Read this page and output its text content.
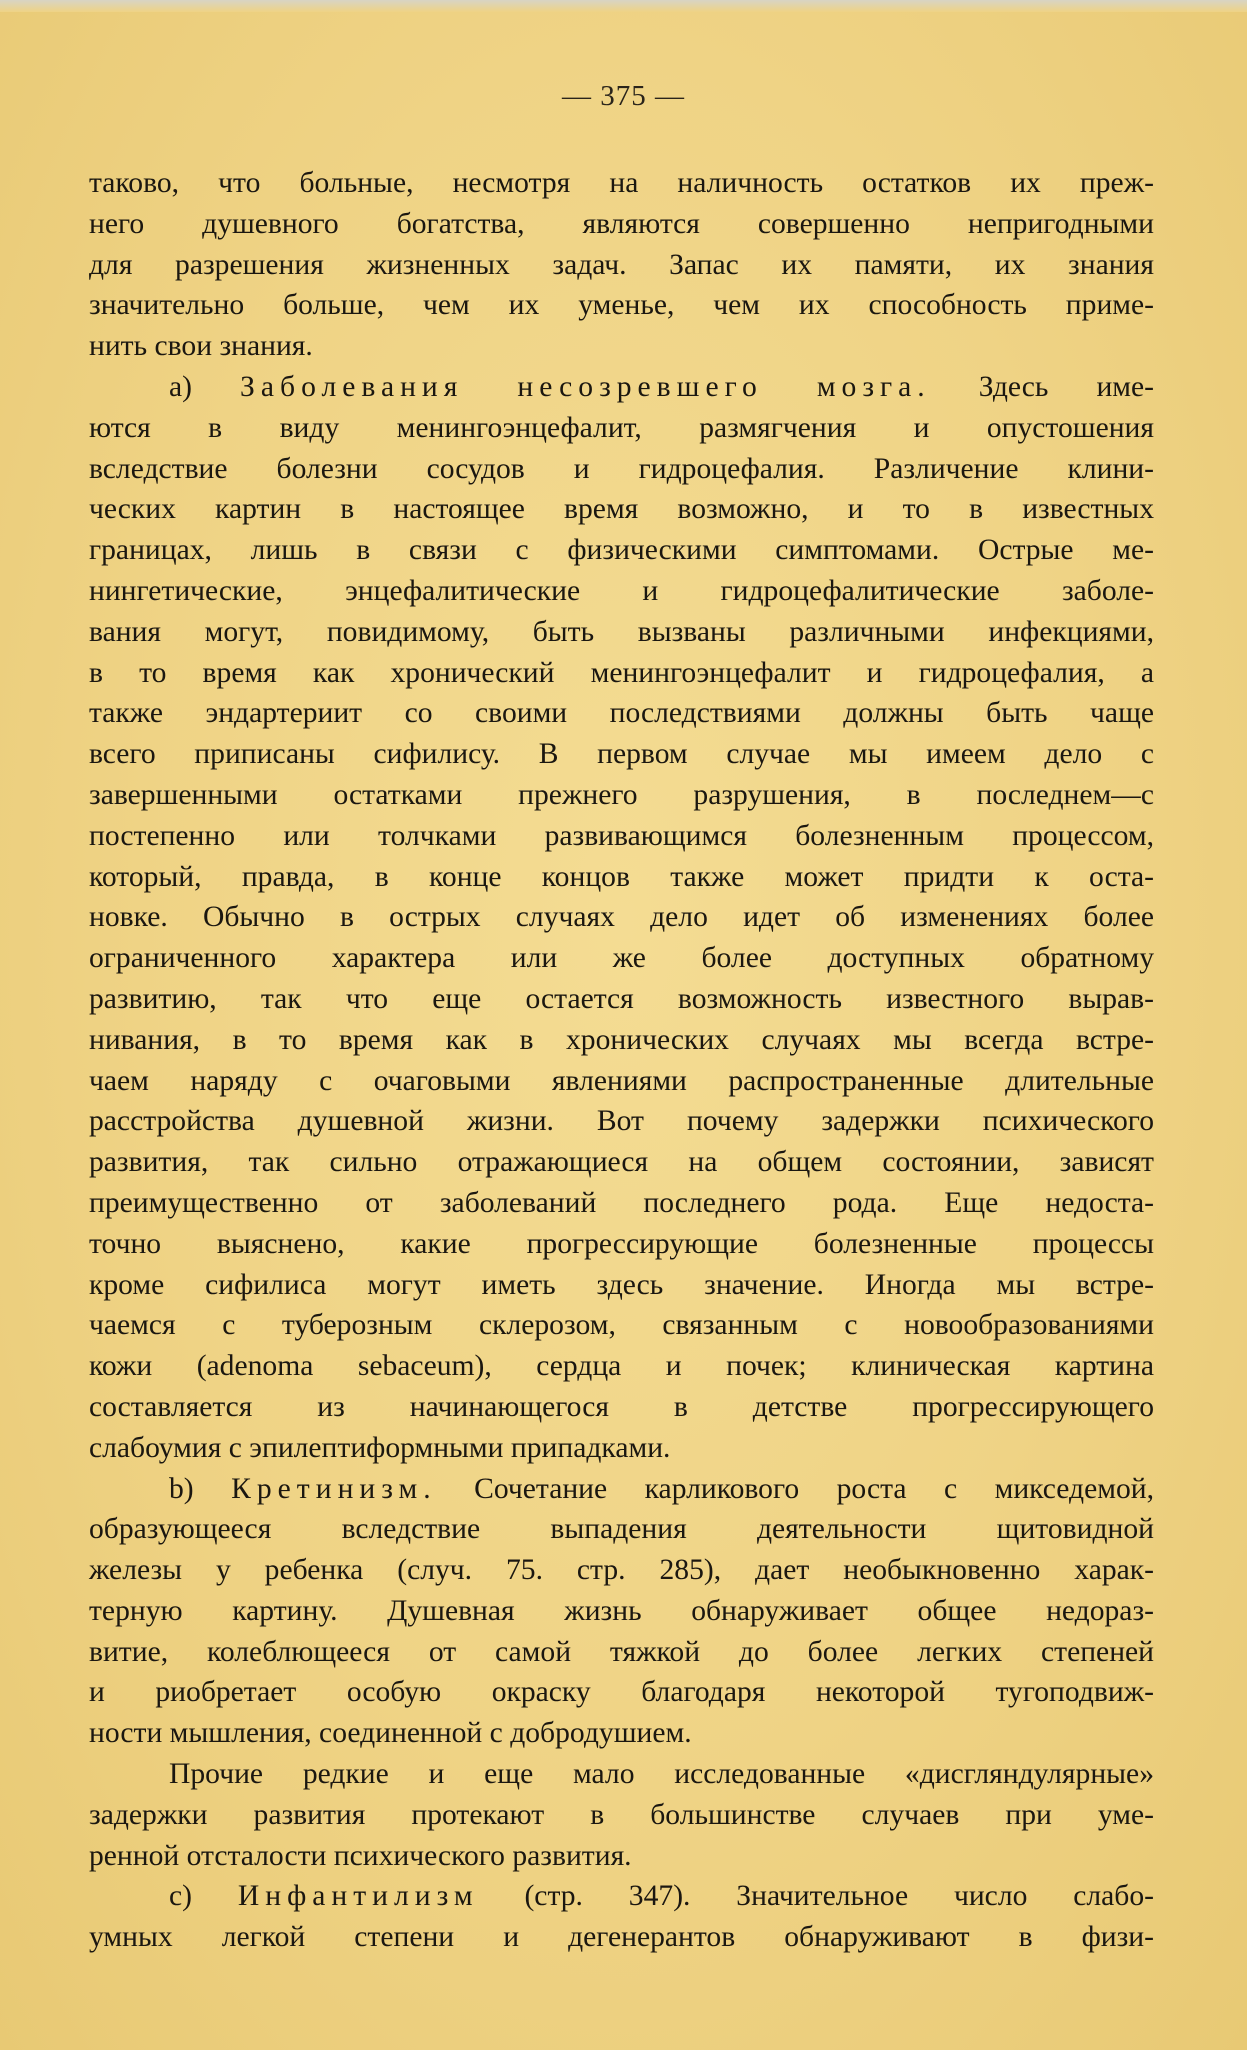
— 375 —
таково, что больные, несмотря на наличность остатков их преж-
него душевного богатства, являются совершенно непригодными
для разрешения жизненных задач. Запас их памяти, их знания
значительно больше, чем их уменье, чем их способность приме-
нить свои знания.
a) Заболевания несозревшего мозга. Здесь име-
ются в виду менингоэнцефалит, размягчения и опустошения
вследствие болезни сосудов и гидроцефалия. Различение клини-
ческих картин в настоящее время возможно, и то в известных
границах, лишь в связи с физическими симптомами. Острые ме-
нингетические, энцефалитические и гидроцефалитические заболе-
вания могут, повидимому, быть вызваны различными инфекциями,
в то время как хронический менингоэнцефалит и гидроцефалия, а
также эндартериит со своими последствиями должны быть чаще
всего приписаны сифилису. В первом случае мы имеем дело с
завершенными остатками прежнего разрушения, в последнем—с
постепенно или толчками развивающимся болезненным процессом,
который, правда, в конце концов также может придти к оста-
новке. Обычно в острых случаях дело идет об изменениях более
ограниченного характера или же более доступных обратному
развитию, так что еще остается возможность известного вырав-
нивания, в то время как в хронических случаях мы всегда встре-
чаем наряду с очаговыми явлениями распространенные длительные
расстройства душевной жизни. Вот почему задержки психического
развития, так сильно отражающиеся на общем состоянии, зависят
преимущественно от заболеваний последнего рода. Еще недоста-
точно выяснено, какие прогрессирующие болезненные процессы
кроме сифилиса могут иметь здесь значение. Иногда мы встре-
чаемся с туберозным склерозом, связанным с новообразованиями
кожи (adenoma sebaceum), сердца и почек; клиническая картина
составляется из начинающегося в детстве прогрессирующего
слабоумия с эпилептиформными припадками.
b) Кретинизм. Сочетание карликового роста с микседемой,
образующееся вследствие выпадения деятельности щитовидной
железы у ребенка (случ. 75. стр. 285), дает необыкновенно харак-
терную картину. Душевная жизнь обнаруживает общее недораз-
витие, колеблющееся от самой тяжкой до более легких степеней
и риобретает особую окраску благодаря некоторой тугоподвиж-
ности мышления, соединенной с добродушием.
Прочие редкие и еще мало исследованные «дисгляндулярные»
задержки развития протекают в большинстве случаев при уме-
ренной отсталости психического развития.
c) Инфантилизм (стр. 347). Значительное число слабо-
умных легкой степени и дегенерантов обнаруживают в физи-
